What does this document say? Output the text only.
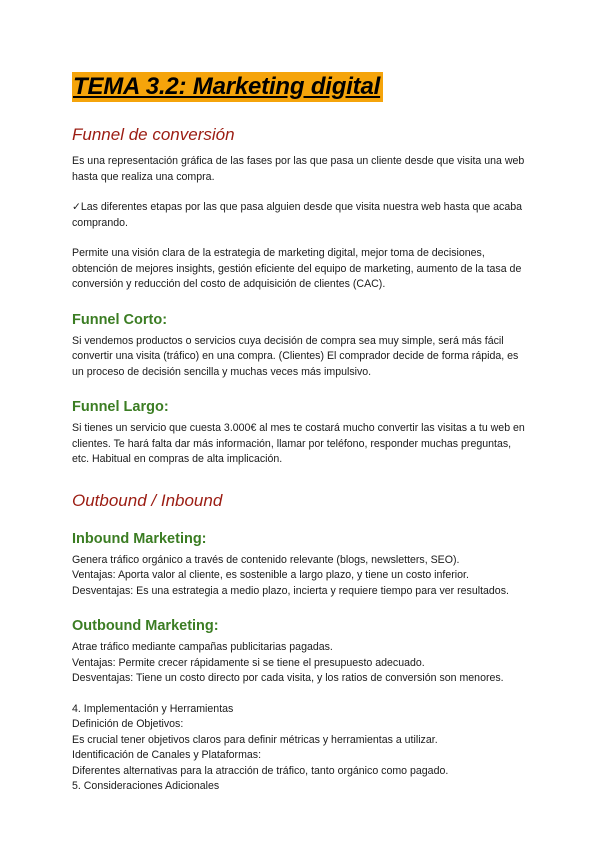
TEMA 3.2: Marketing digital
Funnel de conversión

Es una representación gráfica de las fases por las que pasa un cliente desde que visita una web hasta que realiza una compra.

✓Las diferentes etapas por las que pasa alguien desde que visita nuestra web hasta que acaba comprando.

Permite una visión clara de la estrategia de marketing digital, mejor toma de decisiones, obtención de mejores insights, gestión eficiente del equipo de marketing, aumento de la tasa de conversión y reducción del costo de adquisición de clientes (CAC).

Funnel Corto:

Si vendemos productos o servicios cuya decisión de compra sea muy simple, será más fácil convertir una visita (tráfico) en una compra. (Clientes) El comprador decide de forma rápida, es un proceso de decisión sencilla y muchas veces más impulsivo.

Funnel Largo:

Si tienes un servicio que cuesta 3.000€ al mes te costará mucho convertir las visitas a tu web en clientes. Te hará falta dar más información, llamar por teléfono, responder muchas preguntas, etc. Habitual en compras de alta implicación.

Outbound / Inbound
Inbound Marketing:

Genera tráfico orgánico a través de contenido relevante (blogs, newsletters, SEO).

Ventajas: Aporta valor al cliente, es sostenible a largo plazo, y tiene un costo inferior.

Desventajas: Es una estrategia a medio plazo, incierta y requiere tiempo para ver resultados.

Outbound Marketing:

Atrae tráfico mediante campañas publicitarias pagadas.

Ventajas: Permite crecer rápidamente si se tiene el presupuesto adecuado.

Desventajas: Tiene un costo directo por cada visita, y los ratios de conversión son menores.

4. Implementación y Herramientas

Definición de Objetivos:

Es crucial tener objetivos claros para definir métricas y herramientas a utilizar.

Identificación de Canales y Plataformas:

Diferentes alternativas para la atracción de tráfico, tanto orgánico como pagado.

5. Consideraciones Adicionales
